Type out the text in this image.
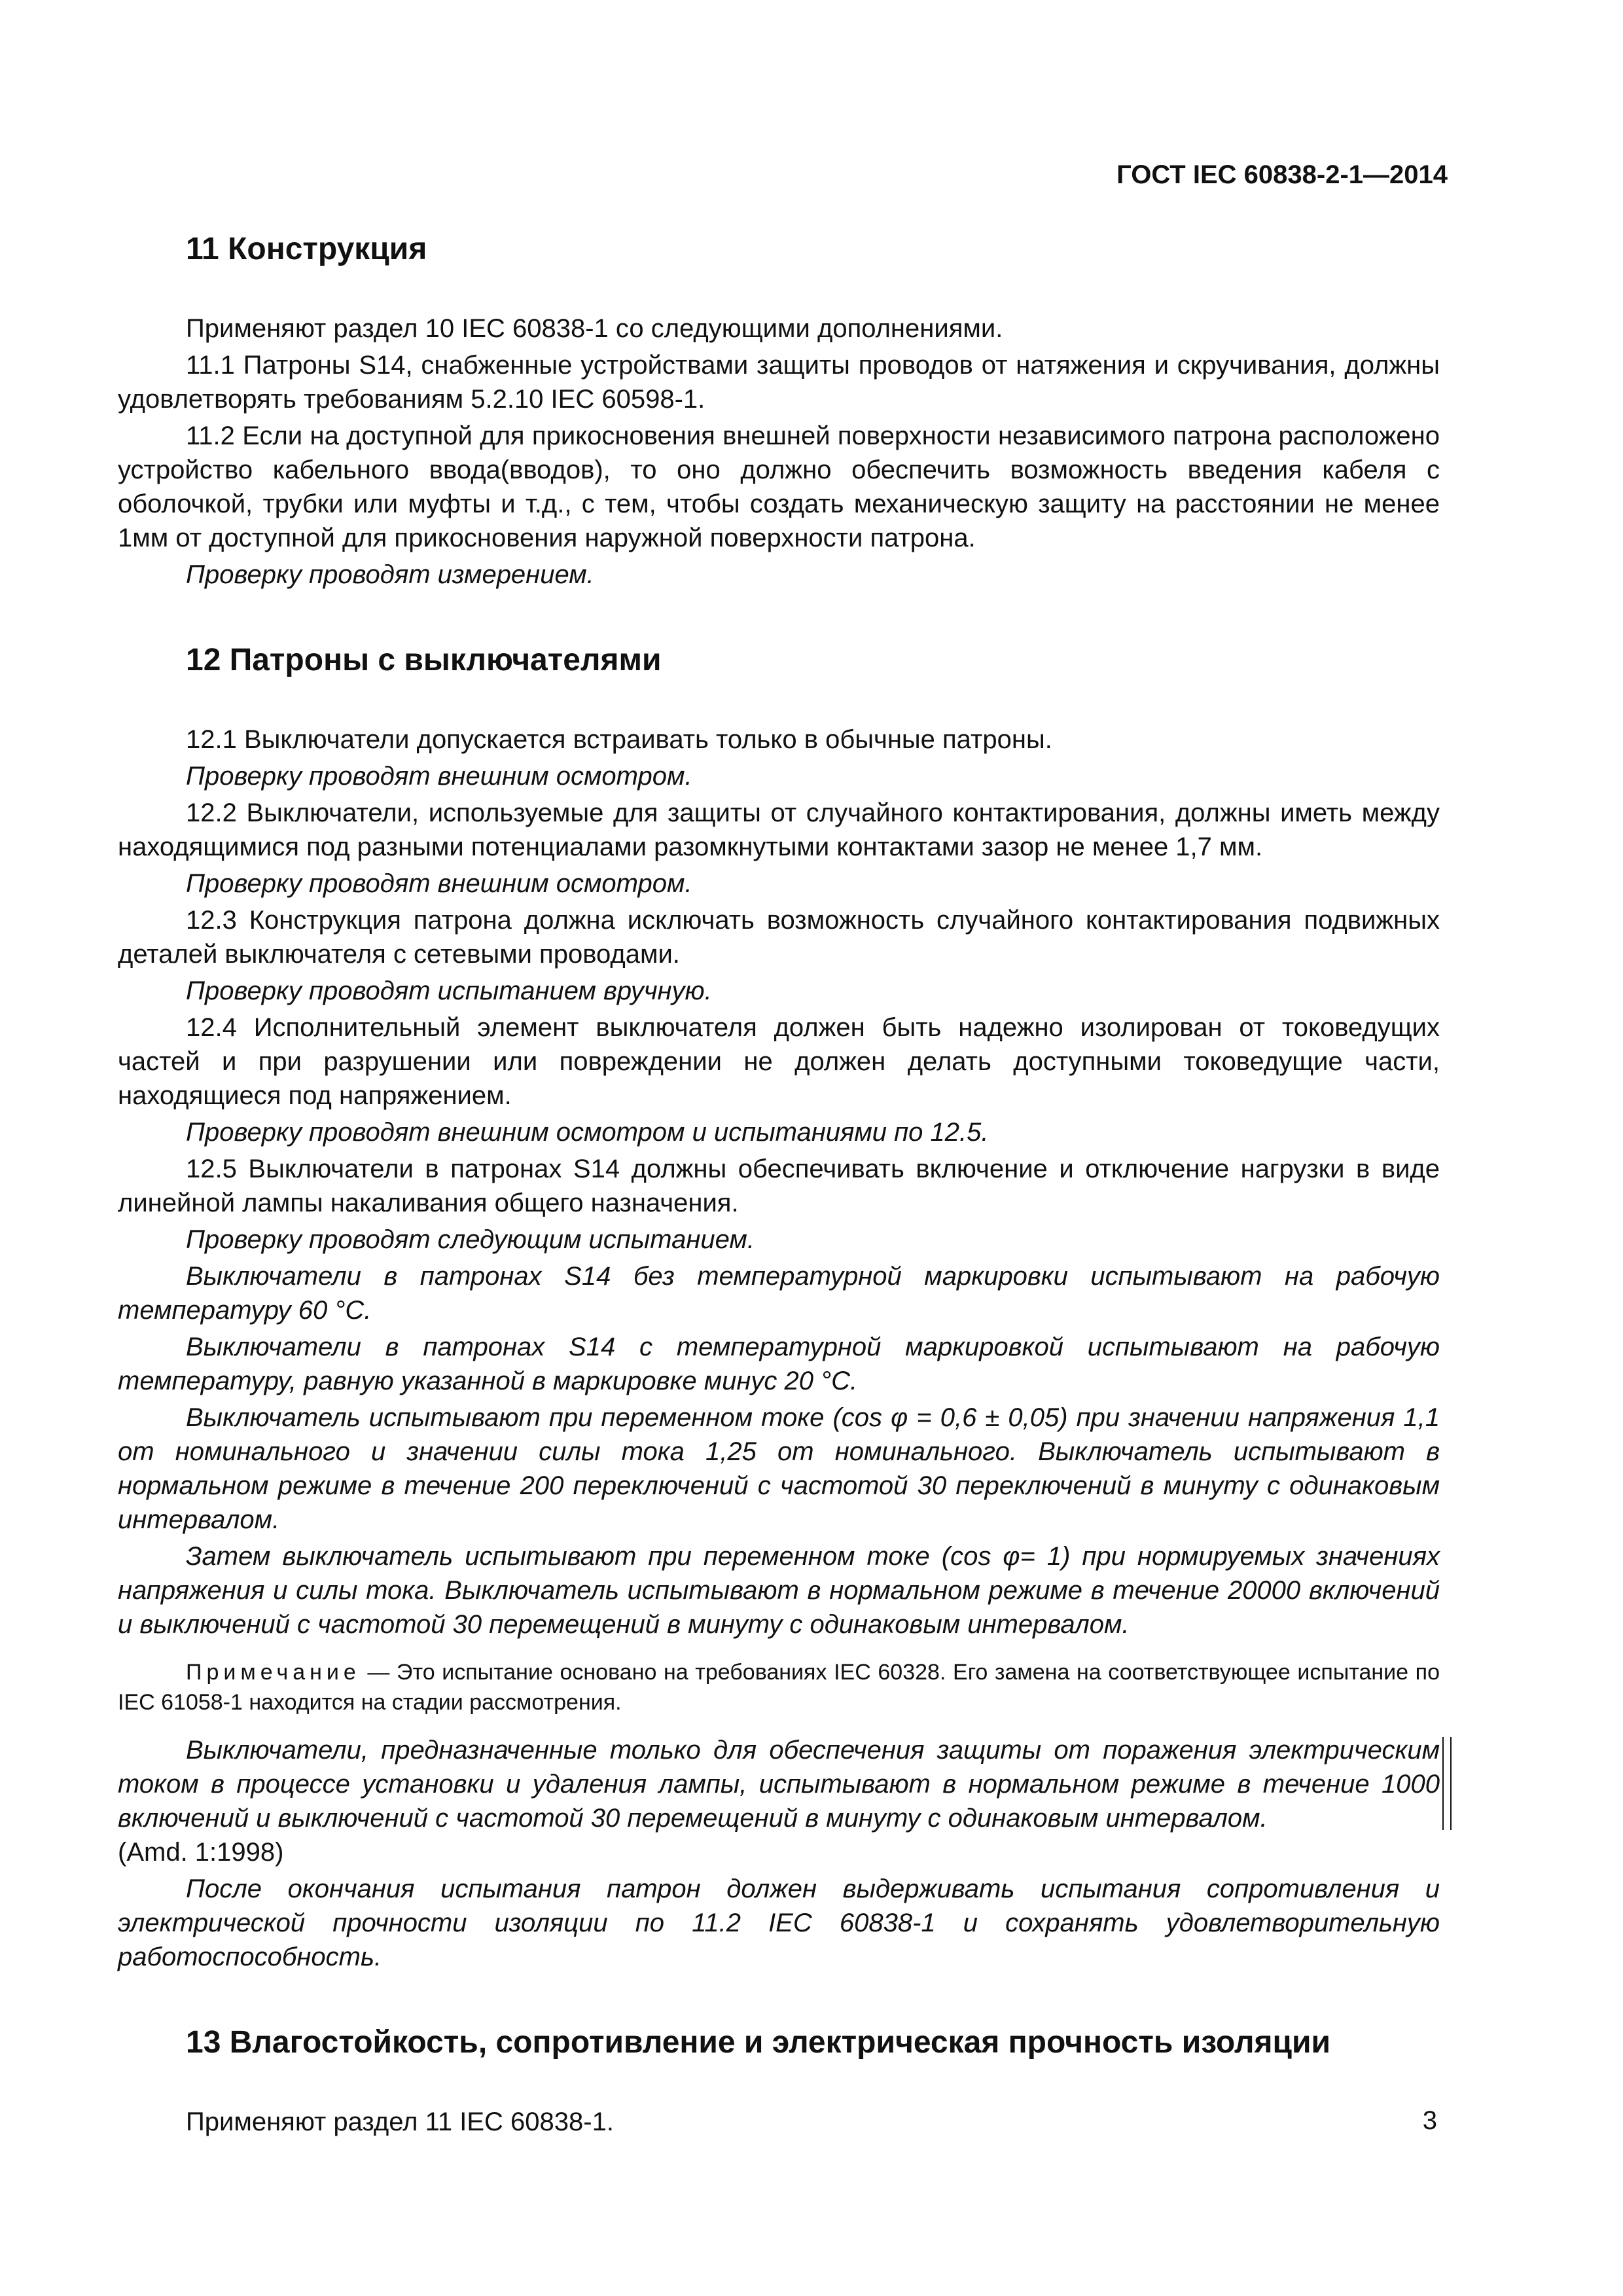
ГОСТ IEC 60838-2-1—2014
11 Конструкция

Применяют раздел 10 IEC 60838-1 со следующими дополнениями.

11.1 Патроны S14, снабженные устройствами защиты проводов от натяжения и скручивания, должны удовлетворять требованиям 5.2.10 IEC 60598-1.

11.2 Если на доступной для прикосновения внешней поверхности независимого патрона расположено устройство кабельного ввода(вводов), то оно должно обеспечить возможность введения кабеля с оболочкой, трубки или муфты и т.д., с тем, чтобы создать механическую защиту на расстоянии не менее 1мм от доступной для прикосновения наружной поверхности патрона.

Проверку проводят измерением.

12 Патроны с выключателями

12.1 Выключатели допускается встраивать только в обычные патроны.

Проверку проводят внешним осмотром.

12.2 Выключатели, используемые для защиты от случайного контактирования, должны иметь между находящимися под разными потенциалами разомкнутыми контактами зазор не менее 1,7 мм.

Проверку проводят внешним осмотром.

12.3 Конструкция патрона должна исключать возможность случайного контактирования подвижных деталей выключателя с сетевыми проводами.

Проверку проводят испытанием вручную.

12.4 Исполнительный элемент выключателя должен быть надежно изолирован от токоведущих частей и при разрушении или повреждении не должен делать доступными токоведущие части, находящиеся под напряжением.

Проверку проводят внешним осмотром и испытаниями по 12.5.

12.5 Выключатели в патронах S14 должны обеспечивать включение и отключение нагрузки в виде линейной лампы накаливания общего назначения.

Проверку проводят следующим испытанием.

Выключатели в патронах S14 без температурной маркировки испытывают на рабочую температуру 60 °С.

Выключатели в патронах S14 с температурной маркировкой испытывают на рабочую температуру, равную указанной в маркировке минус 20 °С.

Выключатель испытывают при переменном токе (cos φ = 0,6 ± 0,05) при значении напряжения 1,1 от номинального и значении силы тока 1,25 от номинального. Выключатель испытывают в нормальном режиме в течение 200 переключений с частотой 30 переключений в минуту с одинаковым интервалом.

Затем выключатель испытывают при переменном токе (cos φ= 1) при нормируемых значениях напряжения и силы тока. Выключатель испытывают в нормальном режиме в течение 20000 включений и выключений с частотой 30 перемещений в минуту с одинаковым интервалом.

Примечание — Это испытание основано на требованиях IEC 60328. Его замена на соответствующее испытание по IEC 61058-1 находится на стадии рассмотрения.

Выключатели, предназначенные только для обеспечения защиты от поражения электрическим током в процессе установки и удаления лампы, испытывают в нормальном режиме в течение 1000 включений и выключений с частотой 30 перемещений в минуту с одинаковым интервалом.

(Amd. 1:1998)

После окончания испытания патрон должен выдерживать испытания сопротивления и электрической прочности изоляции по 11.2 IEC 60838-1 и сохранять удовлетворительную работоспособность.

13 Влагостойкость, сопротивление и электрическая прочность изоляции

Применяют раздел 11 IEC 60838-1.	3
